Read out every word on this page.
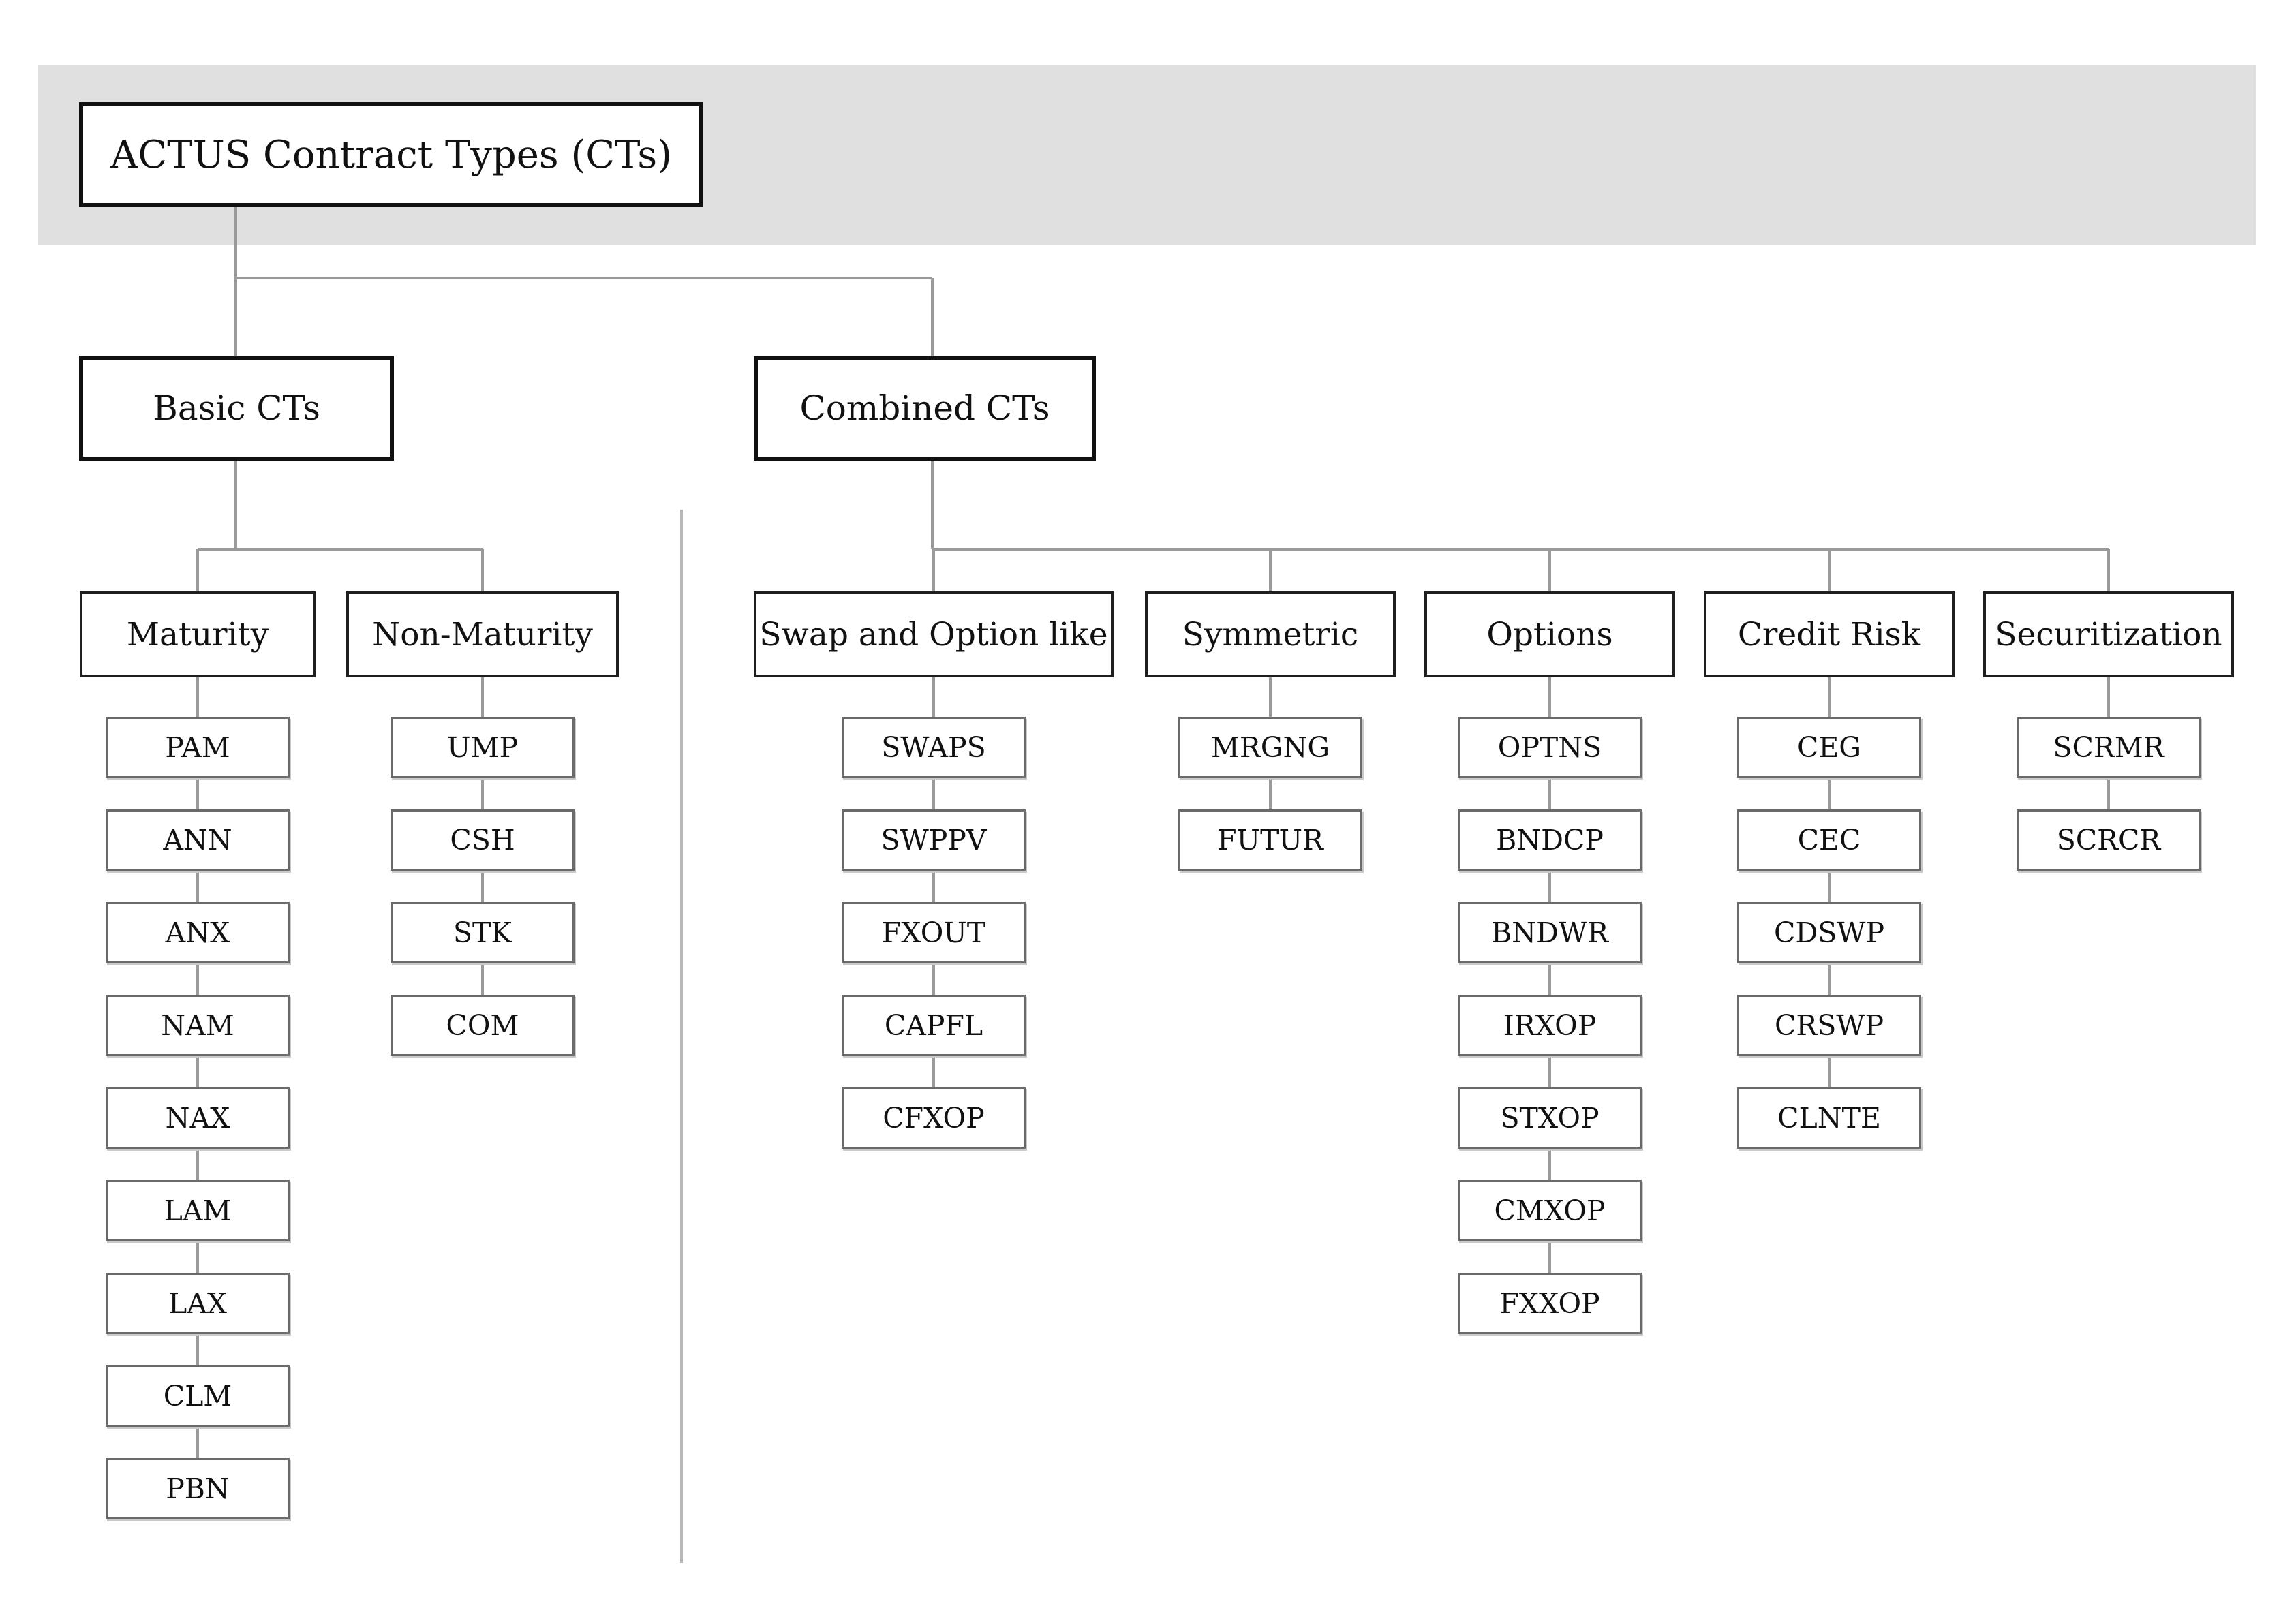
ACTUS Contract Types (CTs)
Basic CTs	Combined CTs
Maturity
PAM
ANN
ANX
NAM
NAX
LAM
LAX
CLM
PBN
Non-Maturity
UMP
CSH
STK
COM
Swap and Option like
SWAPS
SWPPV
FXOUT
CAPFL
CFXOP
Symmetric
MRGNG
FUTUR
Options
OPTNS
BNDCP
BNDWR
IRXOP
STXOP
CMXOP
FXXOP
Credit Risk
CEG
CEC
CDSWP
CRSWP
CLNTE
Securitization
SCRMR
SCRCR
